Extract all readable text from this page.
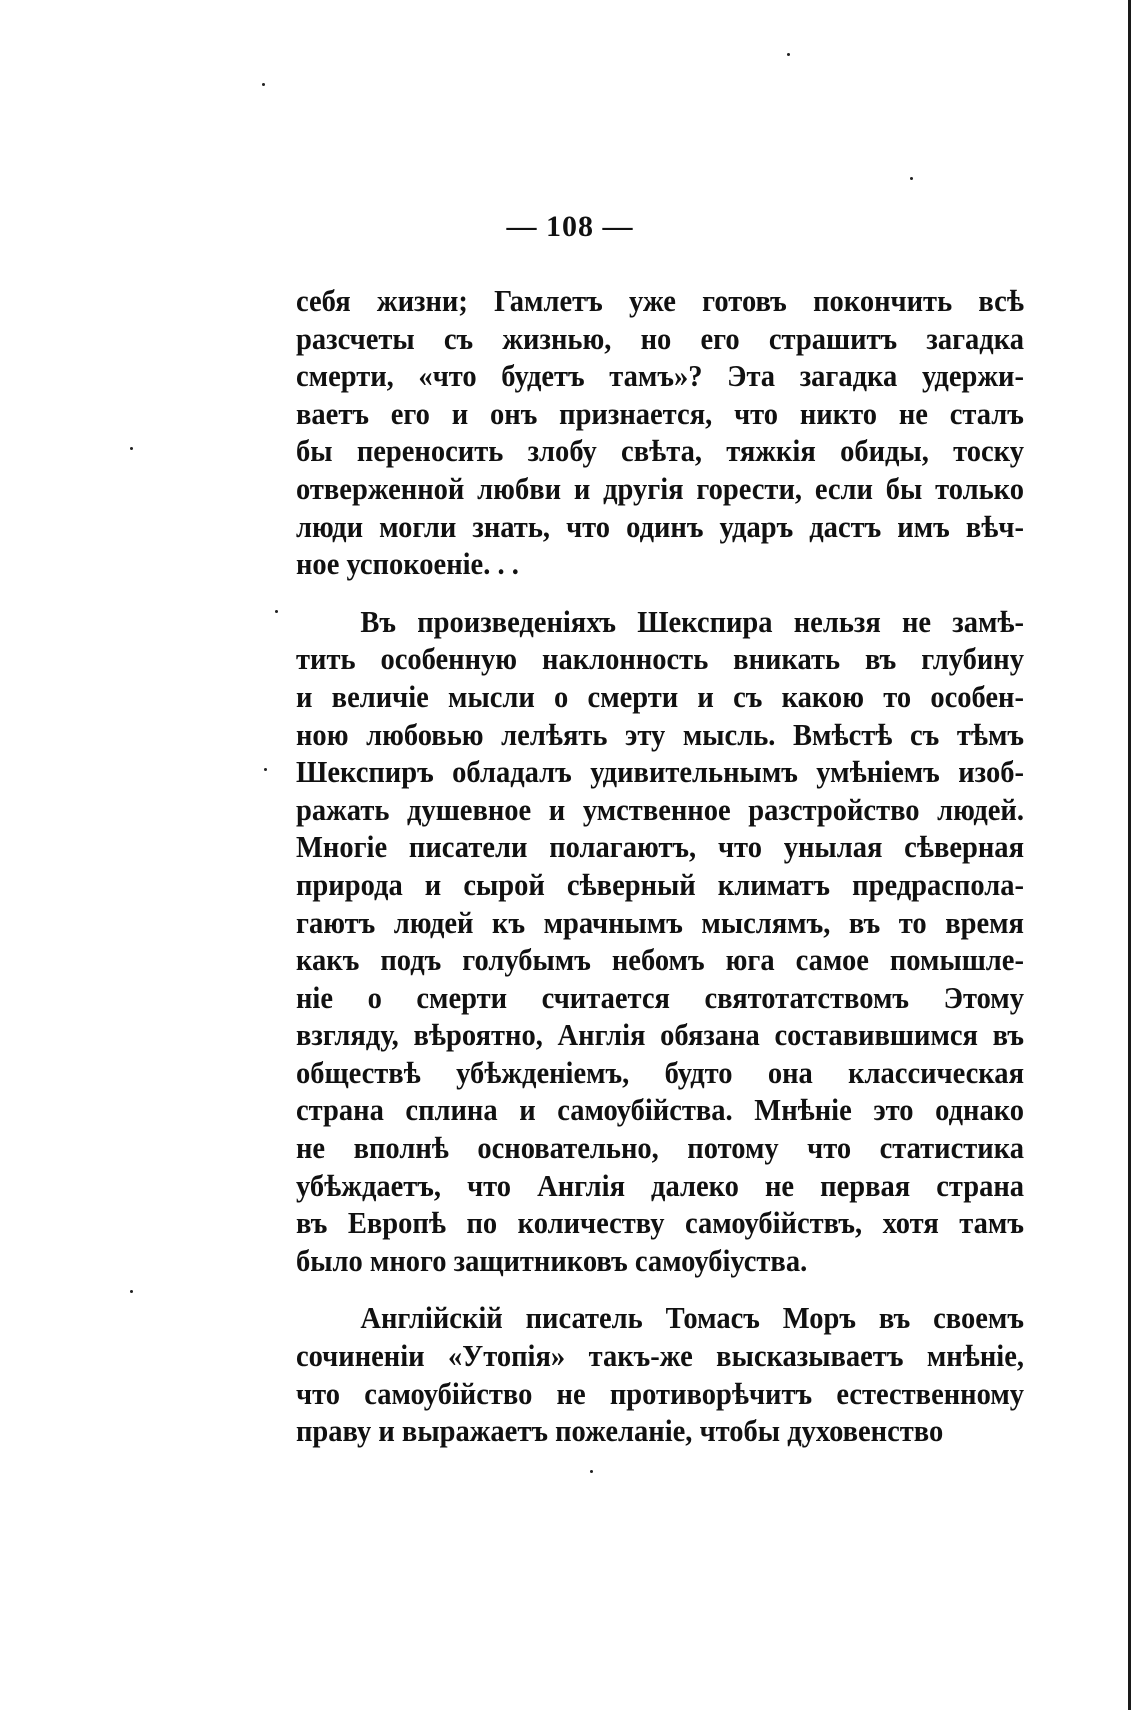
— 108 —
себя жизни; Гамлетъ уже готовъ покончить всѣ
разсчеты съ жизнью, но его страшитъ загадка
смерти, «что будетъ тамъ»? Эта загадка удержи-
ваетъ его и онъ признается, что никто не сталъ
бы переносить злобу свѣта, тяжкія обиды, тоску
отверженной любви и другія горести, если бы только
люди могли знать, что одинъ ударъ дастъ имъ вѣч-
ное успокоеніе. . .
Въ произведеніяхъ Шекспира нельзя не замѣ-
тить особенную наклонность вникать въ глубину
и величіе мысли о смерти и съ какою то особен-
ною любовью лелѣять эту мысль. Вмѣстѣ съ тѣмъ
Шекспиръ обладалъ удивительнымъ умѣніемъ изоб-
ражать душевное и умственное разстройство людей.
Многіе писатели полагаютъ, что унылая сѣверная
природа и сырой сѣверный климатъ предраспола-
гаютъ людей къ мрачнымъ мыслямъ, въ то время
какъ подъ голубымъ небомъ юга самое помышле-
ніе о смерти считается святотатствомъ Этому
взгляду, вѣроятно, Англія обязана составившимся въ
обществѣ убѣжденіемъ, будто она классическая
страна сплина и самоубійства. Мнѣніе это однако
не вполнѣ основательно, потому что статистика
убѣждаетъ, что Англія далеко не первая страна
въ Европѣ по количеству самоубійствъ, хотя тамъ
было много защитниковъ самоубіуства.
Англійскій писатель Томасъ Моръ въ своемъ
сочиненіи «Утопія» такъ-же высказываетъ мнѣніе,
что самоубійство не противорѣчитъ естественному
праву и выражаетъ пожеланіе, чтобы духовенство
